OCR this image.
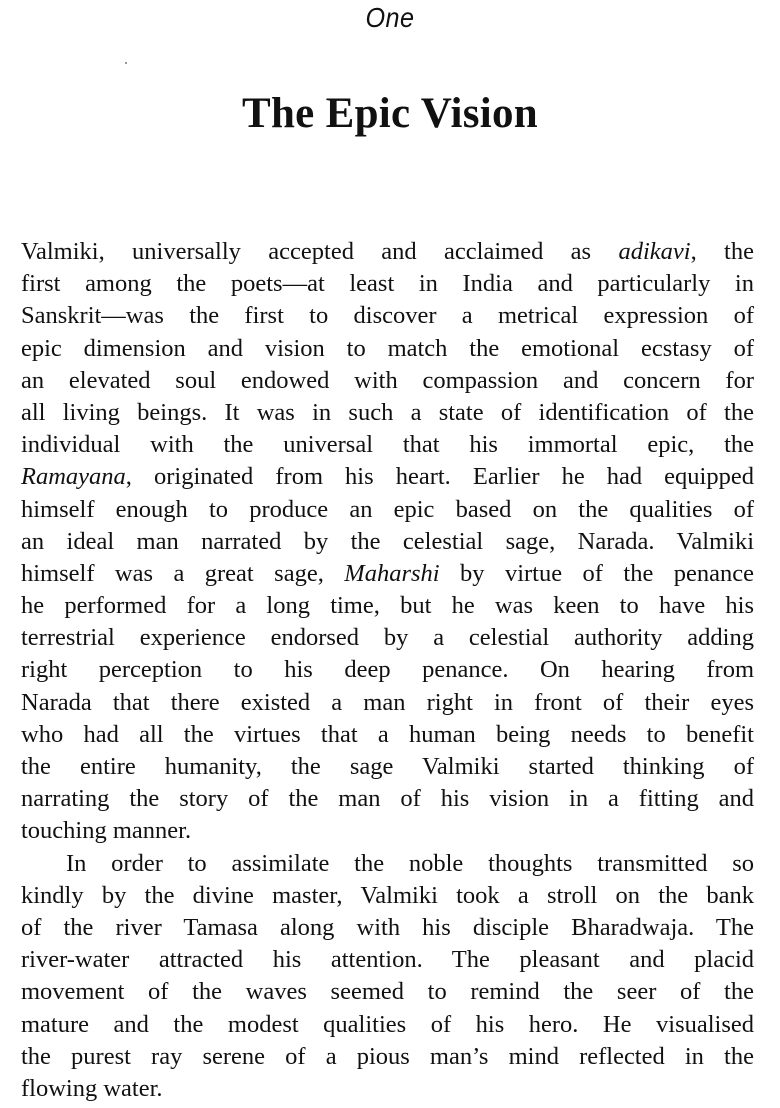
One
The Epic Vision
Valmiki, universally accepted and acclaimed as adikavi, the
first among the poets—at least in India and particularly in
Sanskrit—was the first to discover a metrical expression of
epic dimension and vision to match the emotional ecstasy of
an elevated soul endowed with compassion and concern for
all living beings. It was in such a state of identification of the
individual with the universal that his immortal epic, the
Ramayana, originated from his heart. Earlier he had equipped
himself enough to produce an epic based on the qualities of
an ideal man narrated by the celestial sage, Narada. Valmiki
himself was a great sage, Maharshi by virtue of the penance
he performed for a long time, but he was keen to have his
terrestrial experience endorsed by a celestial authority adding
right perception to his deep penance. On hearing from
Narada that there existed a man right in front of their eyes
who had all the virtues that a human being needs to benefit
the entire humanity, the sage Valmiki started thinking of
narrating the story of the man of his vision in a fitting and
touching manner.
In order to assimilate the noble thoughts transmitted so
kindly by the divine master, Valmiki took a stroll on the bank
of the river Tamasa along with his disciple Bharadwaja. The
river-water attracted his attention. The pleasant and placid
movement of the waves seemed to remind the seer of the
mature and the modest qualities of his hero. He visualised
the purest ray serene of a pious man’s mind reflected in the
flowing water.
